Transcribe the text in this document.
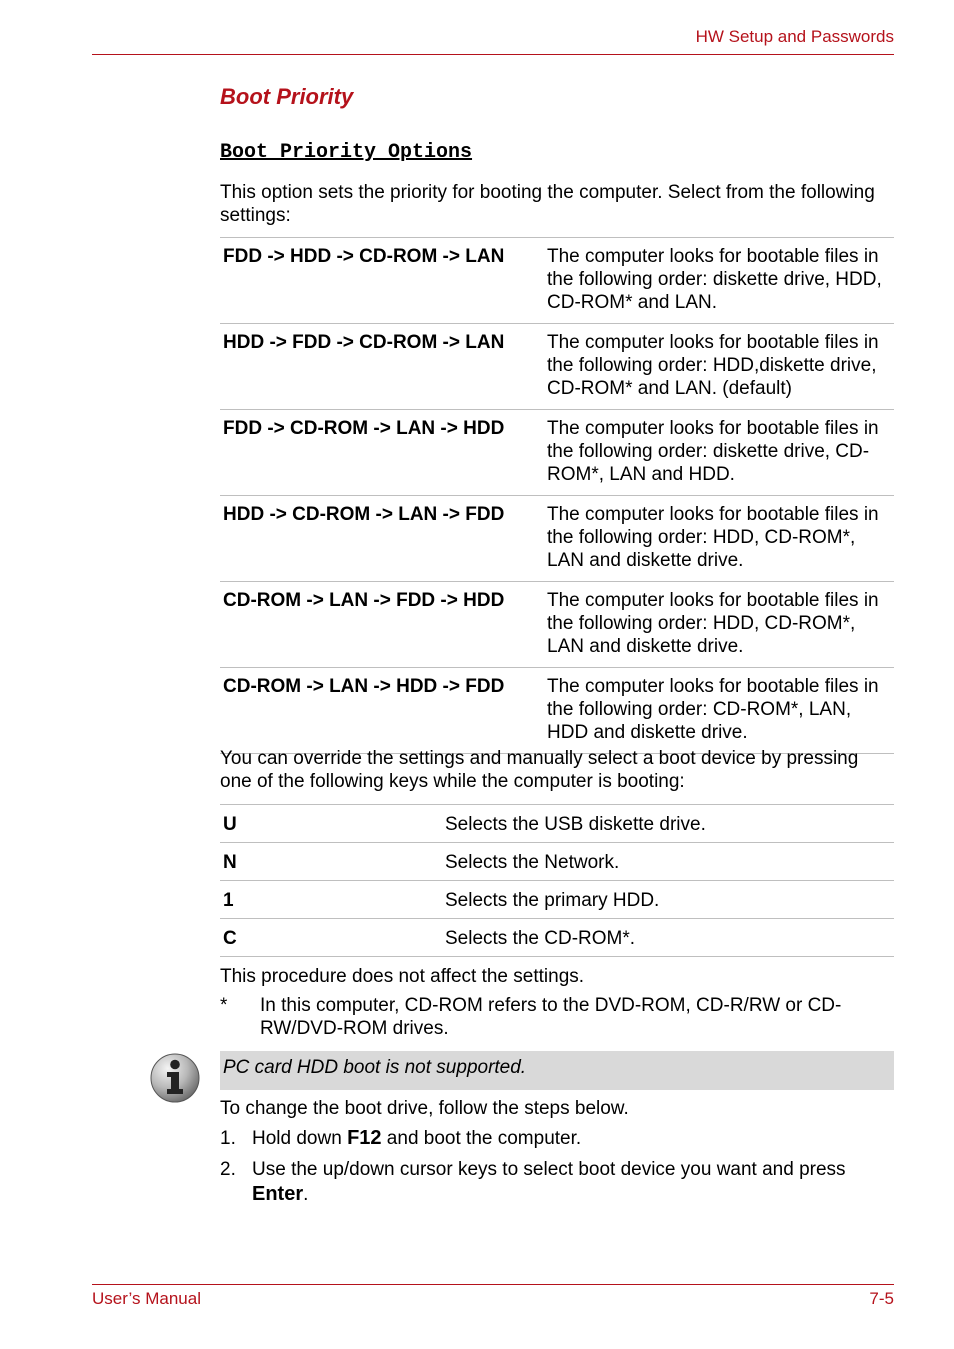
HW Setup and Passwords
Boot Priority
Boot Priority Options
This option sets the priority for booting the computer. Select from the following settings:
FDD -> HDD -> CD-ROM -> LAN	The computer looks for bootable files in the following order: diskette drive, HDD, CD-ROM* and LAN.
HDD -> FDD -> CD-ROM -> LAN	The computer looks for bootable files in the following order: HDD,diskette drive, CD-ROM* and LAN. (default)
FDD -> CD-ROM -> LAN -> HDD	The computer looks for bootable files in the following order: diskette drive, CD-ROM*, LAN and HDD.
HDD -> CD-ROM -> LAN -> FDD	The computer looks for bootable files in the following order: HDD, CD-ROM*, LAN and diskette drive.
CD-ROM -> LAN -> FDD -> HDD	The computer looks for bootable files in the following order: HDD, CD-ROM*, LAN and diskette drive.
CD-ROM -> LAN -> HDD -> FDD	The computer looks for bootable files in the following order: CD-ROM*, LAN, HDD and diskette drive.
You can override the settings and manually select a boot device by pressing one of the following keys while the computer is booting:
U	Selects the USB diskette drive.
N	Selects the Network.
1	Selects the primary HDD.
C	Selects the CD-ROM*.
This procedure does not affect the settings.
* In this computer, CD-ROM refers to the DVD-ROM, CD-R/RW or CD-RW/DVD-ROM drives.
PC card HDD boot is not supported.
To change the boot drive, follow the steps below.
1. Hold down F12 and boot the computer.
2. Use the up/down cursor keys to select boot device you want and press Enter.
User’s Manual	7-5
